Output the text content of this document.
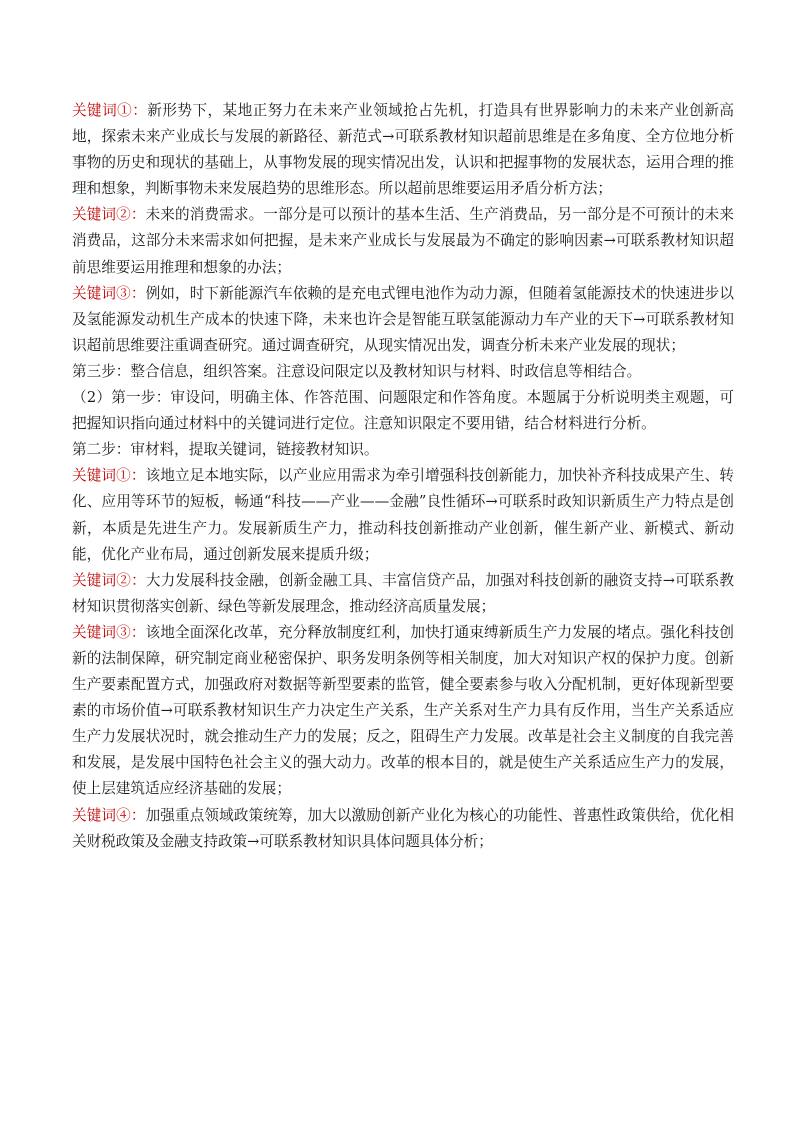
关键词①：新形势下，某地正努力在未来产业领域抢占先机，打造具有世界影响力的未来产业创新高地，探索未来产业成长与发展的新路径、新范式→可联系教材知识超前思维是在多角度、全方位地分析事物的历史和现状的基础上，从事物发展的现实情况出发，认识和把握事物的发展状态，运用合理的推理和想象，判断事物未来发展趋势的思维形态。所以超前思维要运用矛盾分析方法；

关键词②：未来的消费需求。一部分是可以预计的基本生活、生产消费品，另一部分是不可预计的未来消费品，这部分未来需求如何把握，是未来产业成长与发展最为不确定的影响因素→可联系教材知识超前思维要运用推理和想象的办法；

关键词③：例如，时下新能源汽车依赖的是充电式锂电池作为动力源，但随着氢能源技术的快速进步以及氢能源发动机生产成本的快速下降，未来也许会是智能互联氢能源动力车产业的天下→可联系教材知识超前思维要注重调查研究。通过调查研究，从现实情况出发，调查分析未来产业发展的现状；

第三步：整合信息，组织答案。注意设问限定以及教材知识与材料、时政信息等相结合。

（2）第一步：审设问，明确主体、作答范围、问题限定和作答角度。本题属于分析说明类主观题，可把握知识指向通过材料中的关键词进行定位。注意知识限定不要用错，结合材料进行分析。

第二步：审材料，提取关键词，链接教材知识。

关键词①：该地立足本地实际，以产业应用需求为牵引增强科技创新能力，加快补齐科技成果产生、转化、应用等环节的短板，畅通“科技——产业——金融”良性循环→可联系时政知识新质生产力特点是创新，本质是先进生产力。发展新质生产力，推动科技创新推动产业创新，催生新产业、新模式、新动能，优化产业布局，通过创新发展来提质升级；

关键词②：大力发展科技金融，创新金融工具、丰富信贷产品，加强对科技创新的融资支持→可联系教材知识贯彻落实创新、绿色等新发展理念，推动经济高质量发展；

关键词③：该地全面深化改革，充分释放制度红利，加快打通束缚新质生产力发展的堵点。强化科技创新的法制保障，研究制定商业秘密保护、职务发明条例等相关制度，加大对知识产权的保护力度。创新生产要素配置方式，加强政府对数据等新型要素的监管，健全要素参与收入分配机制，更好体现新型要素的市场价值→可联系教材知识生产力决定生产关系，生产关系对生产力具有反作用，当生产关系适应生产力发展状况时，就会推动生产力的发展；反之，阻碍生产力发展。改革是社会主义制度的自我完善和发展，是发展中国特色社会主义的强大动力。改革的根本目的，就是使生产关系适应生产力的发展，使上层建筑适应经济基础的发展；

关键词④：加强重点领域政策统筹，加大以激励创新产业化为核心的功能性、普惠性政策供给，优化相关财税政策及金融支持政策→可联系教材知识具体问题具体分析；
